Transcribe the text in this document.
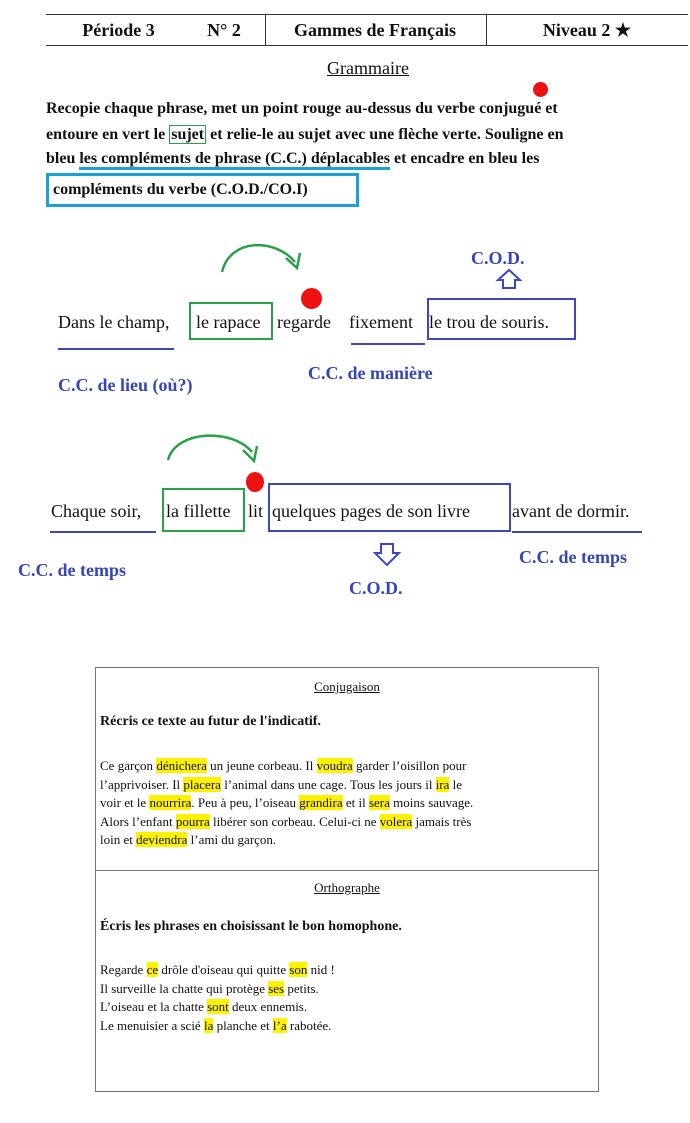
Période 3	N° 2	Gammes de Français	Niveau 2 ★
Grammaire
Recopie chaque phrase, met un point rouge au-dessus du verbe conjugué et
entoure en vert le sujet et relie-le au sujet avec une flèche verte. Souligne en
bleu les compléments de phrase (C.C.) déplacables et encadre en bleu les
compléments du verbe (C.O.D./CO.I)
C.O.D.
Dans le champ, le rapace regarde fixement le trou de souris.
C.C. de lieu (où?)
C.C. de manière
Chaque soir, la fillette lit quelques pages de son livre avant de dormir.
C.C. de temps
C.C. de temps
C.O.D.
Conjugaison
Récris ce texte au futur de l'indicatif.
Ce garçon dénichera un jeune corbeau. Il voudra garder l’oisillon pour
l’apprivoiser. Il placera l’animal dans une cage. Tous les jours il ira le
voir et le nourrira. Peu à peu, l’oiseau grandira et il sera moins sauvage.
Alors l’enfant pourra libérer son corbeau. Celui-ci ne volera jamais très
loin et deviendra l’ami du garçon.
Orthographe
Écris les phrases en choisissant le bon homophone.
Regarde ce drôle d'oiseau qui quitte son nid !
Il surveille la chatte qui protège ses petits.
L’oiseau et la chatte sont deux ennemis.
Le menuisier a scié la planche et l’a rabotée.
